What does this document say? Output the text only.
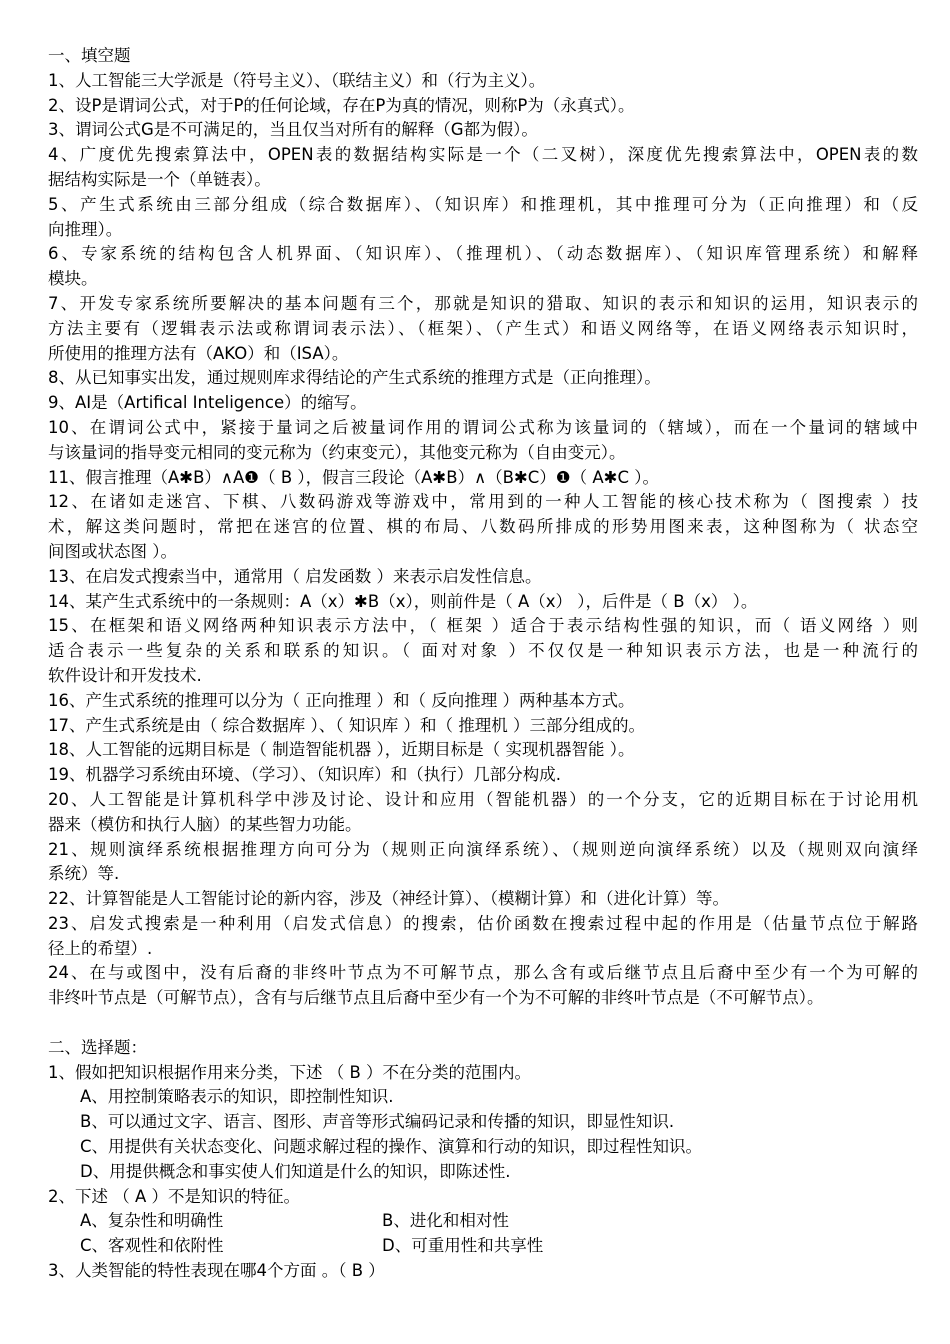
一、填空题
1、人工智能三大学派是（符号主义）、（联结主义）和（行为主义）。
2、设P是谓词公式，对于P的任何论域，存在P为真的情况，则称P为（永真式）。
3、谓词公式G是不可满足的，当且仅当对所有的解释（G都为假）。
4、广度优先搜索算法中，OPEN表的数据结构实际是一个（二叉树），深度优先搜索算法中，OPEN表的数
据结构实际是一个（单链表）。
5、产生式系统由三部分组成（综合数据库）、（知识库）和推理机，其中推理可分为（正向推理）和（反
向推理）。
6、专家系统的结构包含人机界面、（知识库）、（推理机）、（动态数据库）、（知识库管理系统）和解释
模块。
7、开发专家系统所要解决的基本问题有三个，那就是知识的猎取、知识的表示和知识的运用，知识表示的
方法主要有（逻辑表示法或称谓词表示法）、（框架）、（产生式）和语义网络等，在语义网络表示知识时，
所使用的推理方法有（AKO）和（ISA）。
8、从已知事实出发，通过规则库求得结论的产生式系统的推理方式是（正向推理）。
9、AI是（Artifical Inteligence）的缩写。
10、在谓词公式中，紧接于量词之后被量词作用的谓词公式称为该量词的（辖域），而在一个量词的辖域中
与该量词的指导变元相同的变元称为（约束变元），其他变元称为（自由变元）。
11、假言推理（A✱B）∧A❶（ B ），假言三段论（A✱B）∧（B✱C）❶（ A✱C ）。
12、在诸如走迷宫、下棋、八数码游戏等游戏中，常用到的一种人工智能的核心技术称为（ 图搜索 ）技
术，解这类问题时，常把在迷宫的位置、棋的布局、八数码所排成的形势用图来表，这种图称为（ 状态空
间图或状态图 ）。
13、在启发式搜索当中，通常用（ 启发函数 ）来表示启发性信息。
14、某产生式系统中的一条规则：A（x）✱B（x），则前件是（ A（x） ），后件是（ B（x） ）。
15、在框架和语义网络两种知识表示方法中，（ 框架 ）适合于表示结构性强的知识，而（ 语义网络 ）则
适合表示一些复杂的关系和联系的知识。（ 面对对象 ）不仅仅是一种知识表示方法，也是一种流行的
软件设计和开发技术.
16、产生式系统的推理可以分为（ 正向推理 ）和（ 反向推理 ）两种基本方式。
17、产生式系统是由（ 综合数据库 ）、（ 知识库 ）和（ 推理机 ）三部分组成的。
18、人工智能的远期目标是（ 制造智能机器 ），近期目标是（ 实现机器智能 ）。
19、机器学习系统由环境、（学习）、（知识库）和（执行）几部分构成.
20、人工智能是计算机科学中涉及讨论、设计和应用（智能机器）的一个分支，它的近期目标在于讨论用机
器来（模仿和执行人脑）的某些智力功能。
21、规则演绎系统根据推理方向可分为（规则正向演绎系统）、（规则逆向演绎系统）以及（规则双向演绎
系统）等.
22、计算智能是人工智能讨论的新内容，涉及（神经计算）、（模糊计算）和（进化计算）等。
23、启发式搜索是一种利用（启发式信息）的搜索，估价函数在搜索过程中起的作用是（估量节点位于解路
径上的希望）.
24、在与或图中，没有后裔的非终叶节点为不可解节点，那么含有或后继节点且后裔中至少有一个为可解的
非终叶节点是（可解节点），含有与后继节点且后裔中至少有一个为不可解的非终叶节点是（不可解节点）。
二、选择题：
1、假如把知识根据作用来分类，下述 （ B ）不在分类的范围内。
A、用控制策略表示的知识，即控制性知识.
B、可以通过文字、语言、图形、声音等形式编码记录和传播的知识，即显性知识.
C、用提供有关状态变化、问题求解过程的操作、演算和行动的知识，即过程性知识。
D、用提供概念和事实使人们知道是什么的知识，即陈述性.
2、下述 （ A ）不是知识的特征。
A、复杂性和明确性	B、进化和相对性
C、客观性和依附性	D、可重用性和共享性
3、人类智能的特性表现在哪4个方面 。（ B ）
